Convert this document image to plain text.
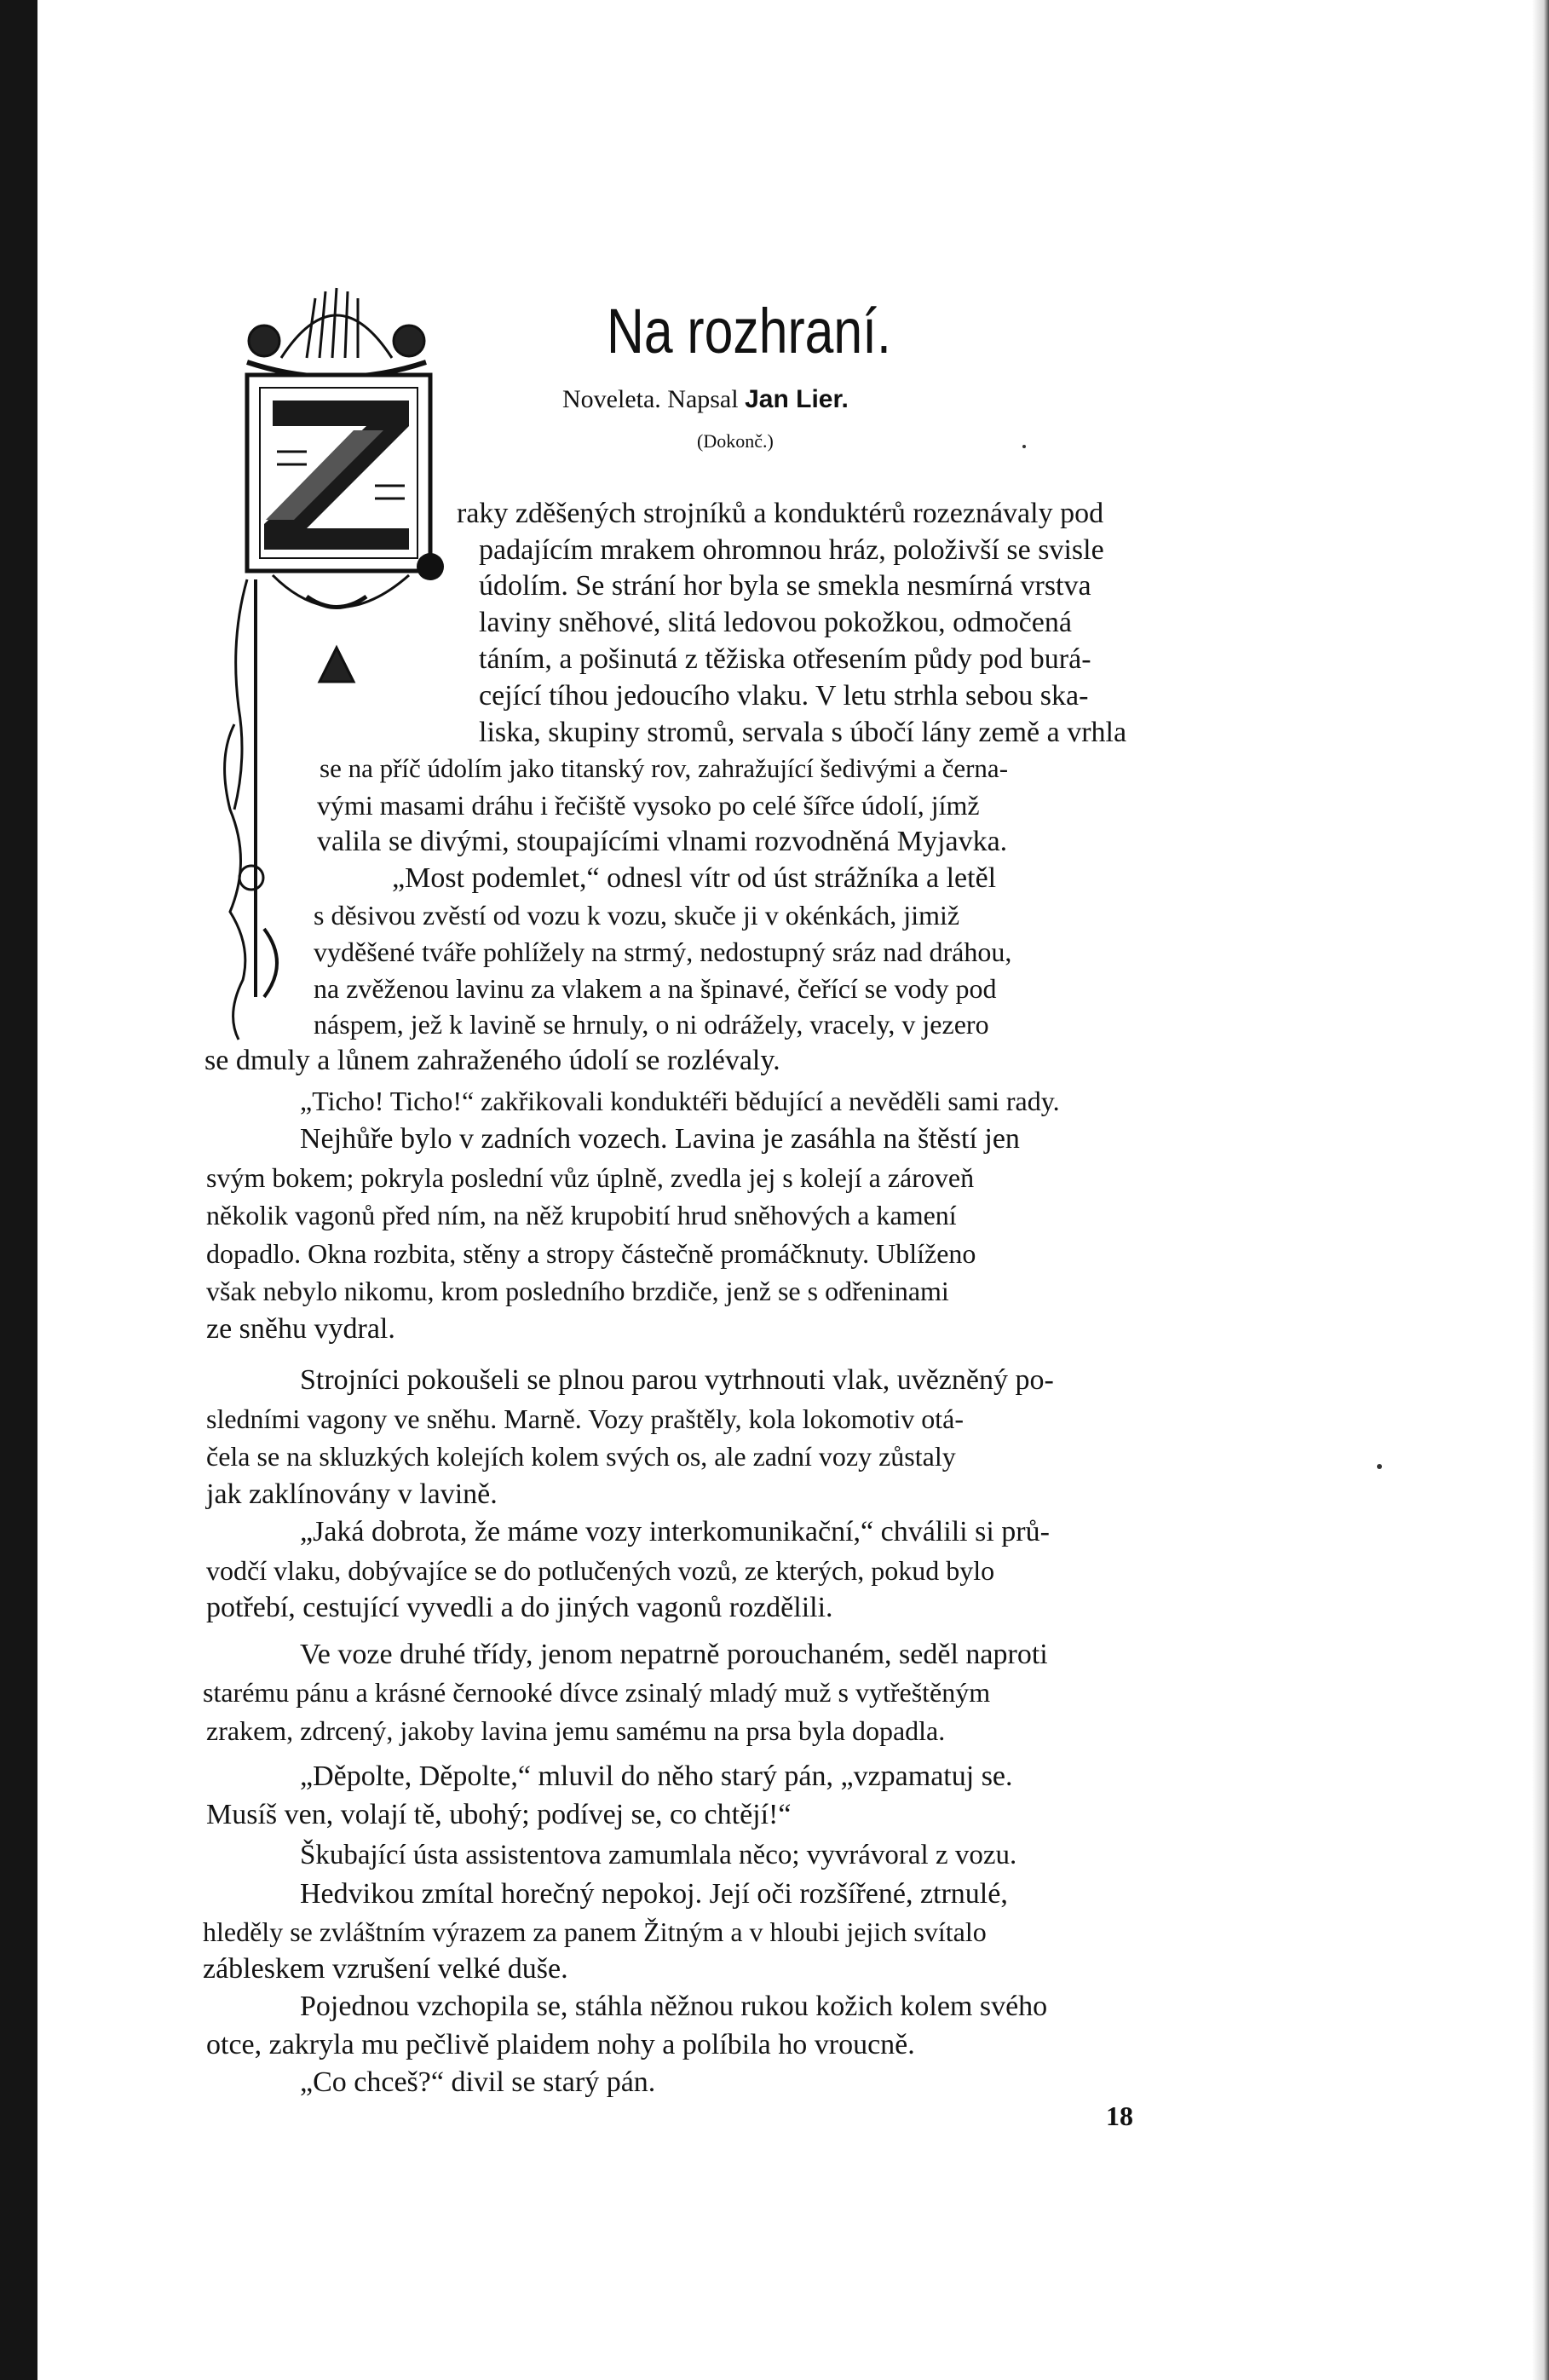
Na rozhraní.
Noveleta. Napsal Jan Lier.
(Dokonč.)

raky zděšených strojníků a konduktérů rozeznávaly pod

padajícím mrakem ohromnou hráz, položivší se svisle

údolím. Se strání hor byla se smekla nesmírná vrstva

laviny sněhové, slitá ledovou pokožkou, odmočená

táním, a pošinutá z těžiska otřesením půdy pod burá-

cející tíhou jedoucího vlaku. V letu strhla sebou ska-

liska, skupiny stromů, servala s úbočí lány země a vrhla

se na příč údolím jako titanský rov, zahražující šedivými a černa-

vými masami dráhu i řečiště vysoko po celé šířce údolí, jímž

valila se divými, stoupajícími vlnami rozvodněná Myjavka.

„Most podemlet,“ odnesl vítr od úst strážníka a letěl

s děsivou zvěstí od vozu k vozu, skuče ji v okénkách, jimiž

vyděšené tváře pohlížely na strmý, nedostupný sráz nad dráhou,

na zvěženou lavinu za vlakem a na špinavé, čeřící se vody pod

náspem, jež k lavině se hrnuly, o ni odrážely, vracely, v jezero

se dmuly a lůnem zahraženého údolí se rozlévaly.

„Ticho! Ticho!“ zakřikovali konduktéři bědující a nevěděli sami rady.

Nejhůře bylo v zadních vozech. Lavina je zasáhla na štěstí jen

svým bokem; pokryla poslední vůz úplně, zvedla jej s kolejí a zároveň

několik vagonů před ním, na něž krupobití hrud sněhových a kamení

dopadlo. Okna rozbita, stěny a stropy částečně promáčknuty. Ublíženo

však nebylo nikomu, krom posledního brzdiče, jenž se s odřeninami

ze sněhu vydral.

Strojníci pokoušeli se plnou parou vytrhnouti vlak, uvězněný po-

sledními vagony ve sněhu. Marně. Vozy praštěly, kola lokomotiv otá-

čela se na skluzkých kolejích kolem svých os, ale zadní vozy zůstaly

jak zaklínovány v lavině.

„Jaká dobrota, že máme vozy interkomunikační,“ chválili si prů-

vodčí vlaku, dobývajíce se do potlučených vozů, ze kterých, pokud bylo

potřebí, cestující vyvedli a do jiných vagonů rozdělili.

Ve voze druhé třídy, jenom nepatrně porouchaném, seděl naproti

starému pánu a krásné černooké dívce zsinalý mladý muž s vytřeštěným

zrakem, zdrcený, jakoby lavina jemu samému na prsa byla dopadla.

„Děpolte, Děpolte,“ mluvil do něho starý pán, „vzpamatuj se.

Musíš ven, volají tě, ubohý; podívej se, co chtějí!“

Škubající ústa assistentova zamumlala něco; vyvrávoral z vozu.

Hedvikou zmítal horečný nepokoj. Její oči rozšířené, ztrnulé,

hleděly se zvláštním výrazem za panem Žitným a v hloubi jejich svítalo

zábleskem vzrušení velké duše.

Pojednou vzchopila se, stáhla něžnou rukou kožich kolem svého

otce, zakryla mu pečlivě plaidem nohy a políbila ho vroucně.

„Co chceš?“ divil se starý pán.

18
